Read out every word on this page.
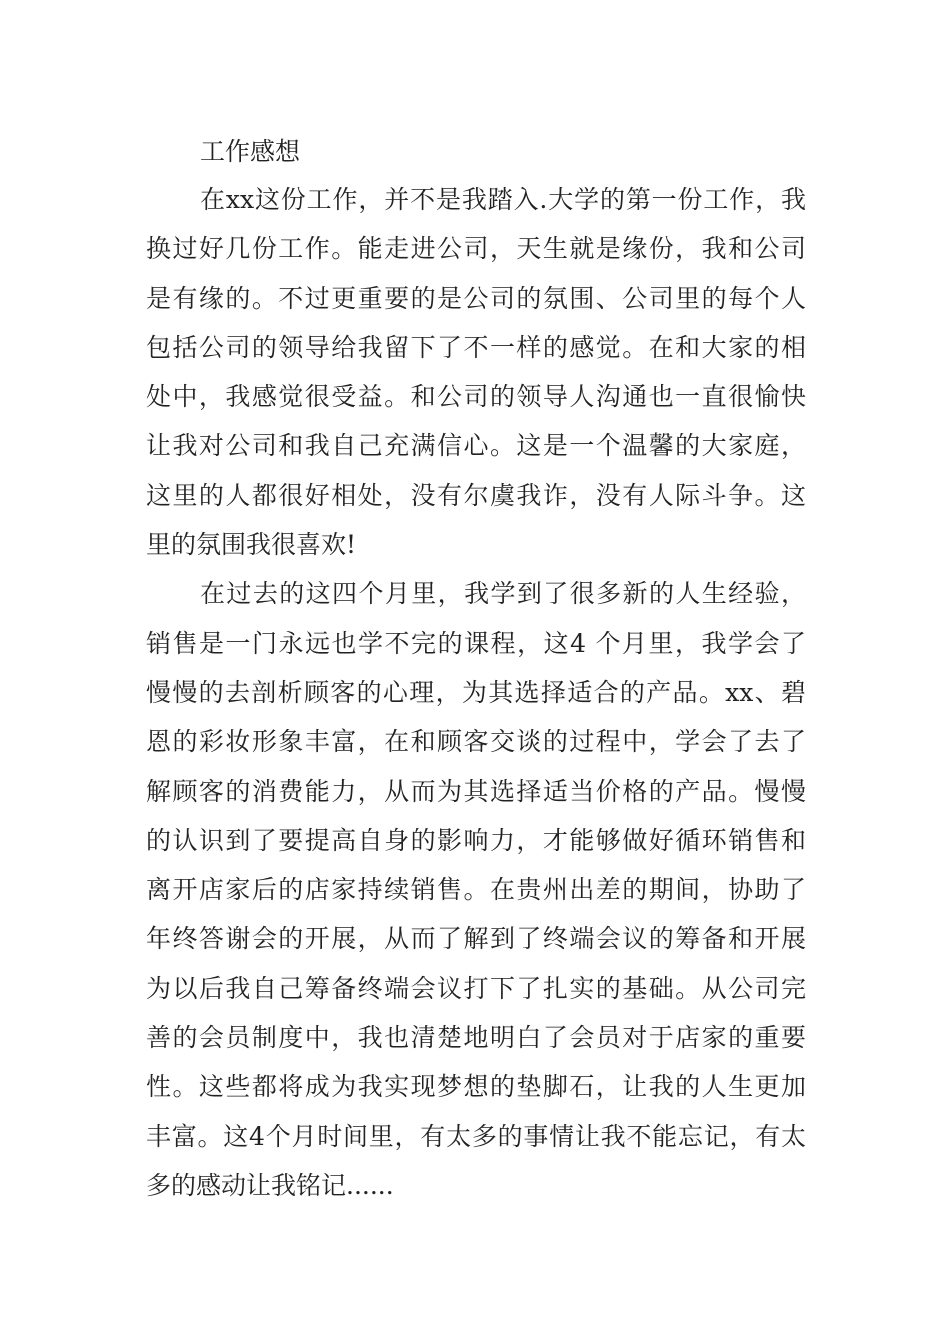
工作感想
在xx这份工作，并不是我踏入.大学的第一份工作，我
换过好几份工作。能走进公司，天生就是缘份，我和公司
是有缘的。不过更重要的是公司的氛围、公司里的每个人
包括公司的领导给我留下了不一样的感觉。在和大家的相
处中，我感觉很受益。和公司的领导人沟通也一直很愉快
让我对公司和我自己充满信心。这是一个温馨的大家庭，
这里的人都很好相处，没有尔虞我诈，没有人际斗争。这
里的氛围我很喜欢!
在过去的这四个月里，我学到了很多新的人生经验，
销售是一门永远也学不完的课程，这4 个月里，我学会了
慢慢的去剖析顾客的心理，为其选择适合的产品。xx、碧
恩的彩妆形象丰富，在和顾客交谈的过程中，学会了去了
解顾客的消费能力，从而为其选择适当价格的产品。慢慢
的认识到了要提高自身的影响力，才能够做好循环销售和
离开店家后的店家持续销售。在贵州出差的期间，协助了
年终答谢会的开展，从而了解到了终端会议的筹备和开展
为以后我自己筹备终端会议打下了扎实的基础。从公司完
善的会员制度中，我也清楚地明白了会员对于店家的重要
性。这些都将成为我实现梦想的垫脚石，让我的人生更加
丰富。这4个月时间里，有太多的事情让我不能忘记，有太
多的感动让我铭记......
